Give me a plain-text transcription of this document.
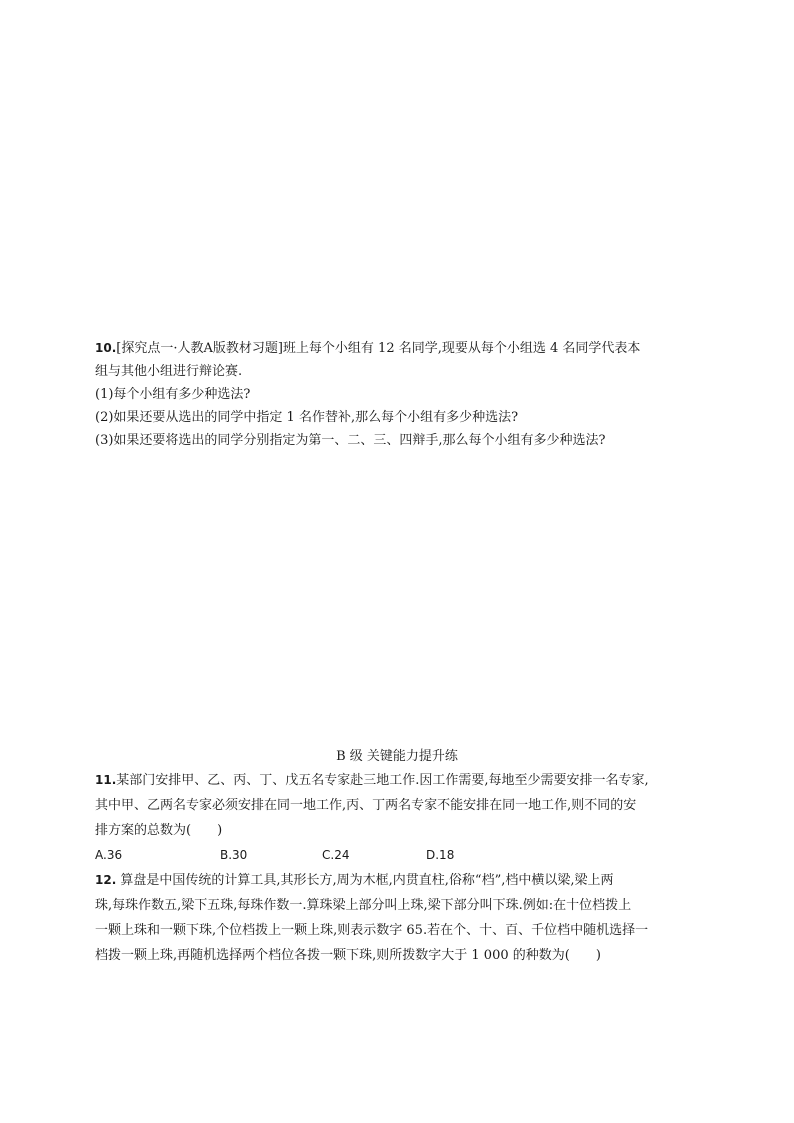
10.[探究点一·人教A版教材习题]班上每个小组有 12 名同学,现要从每个小组选 4 名同学代表本
组与其他小组进行辩论赛.
(1)每个小组有多少种选法?
(2)如果还要从选出的同学中指定 1 名作替补,那么每个小组有多少种选法?
(3)如果还要将选出的同学分别指定为第一、二、三、四辩手,那么每个小组有多少种选法?
B 级 关键能力提升练
11.某部门安排甲、乙、丙、丁、戊五名专家赴三地工作.因工作需要,每地至少需要安排一名专家,
其中甲、乙两名专家必须安排在同一地工作,丙、丁两名专家不能安排在同一地工作,则不同的安
排方案的总数为(　　)
A.36	B.30	C.24	D.18
12. 算盘是中国传统的计算工具,其形长方,周为木框,内贯直柱,俗称“档”,档中横以梁,梁上两
珠,每珠作数五,梁下五珠,每珠作数一.算珠梁上部分叫上珠,梁下部分叫下珠.例如:在十位档拨上
一颗上珠和一颗下珠,个位档拨上一颗上珠,则表示数字 65.若在个、十、百、千位档中随机选择一
档拨一颗上珠,再随机选择两个档位各拨一颗下珠,则所拨数字大于 1 000 的种数为(　　)
